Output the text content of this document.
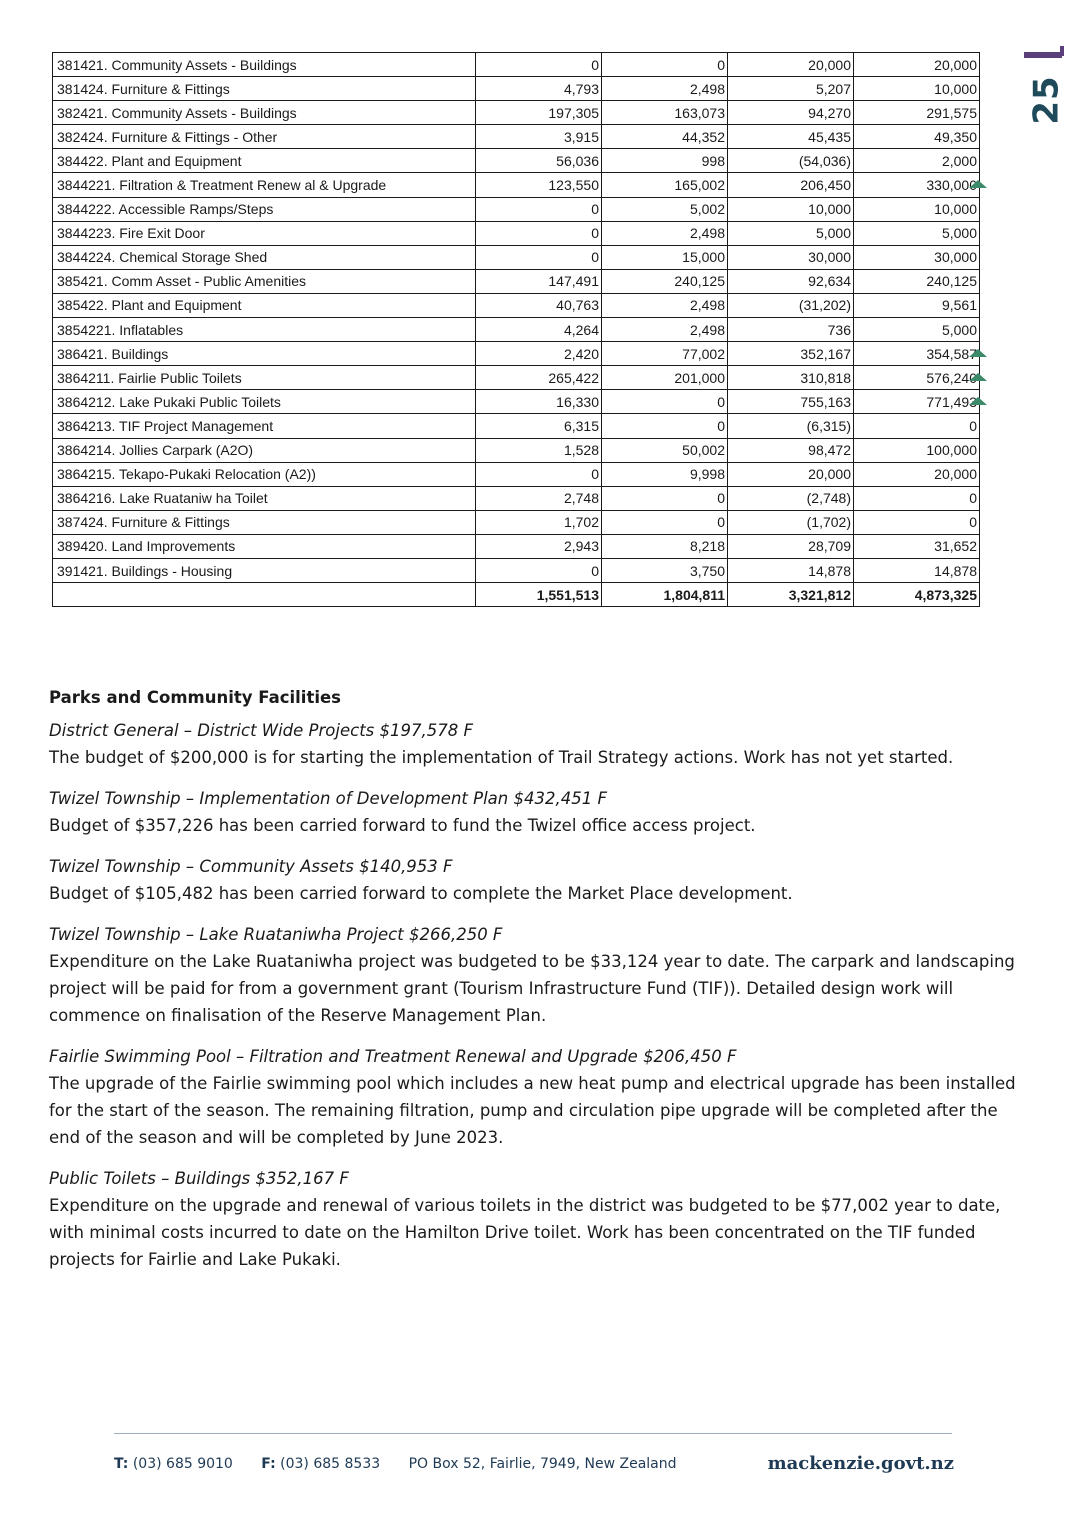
25
381421. Community Assets - Buildings	0	0	20,000	20,000
381424. Furniture & Fittings	4,793	2,498	5,207	10,000
382421. Community Assets - Buildings	197,305	163,073	94,270	291,575
382424. Furniture & Fittings - Other	3,915	44,352	45,435	49,350
384422. Plant and Equipment	56,036	998	(54,036)	2,000
3844221. Filtration & Treatment Renew al & Upgrade	123,550	165,002	206,450	330,000
3844222. Accessible Ramps/Steps	0	5,002	10,000	10,000
3844223. Fire Exit Door	0	2,498	5,000	5,000
3844224. Chemical Storage Shed	0	15,000	30,000	30,000
385421. Comm Asset - Public Amenities	147,491	240,125	92,634	240,125
385422. Plant and Equipment	40,763	2,498	(31,202)	9,561
3854221. Inflatables	4,264	2,498	736	5,000
386421. Buildings	2,420	77,002	352,167	354,587
3864211. Fairlie Public Toilets	265,422	201,000	310,818	576,240
3864212. Lake Pukaki Public Toilets	16,330	0	755,163	771,493
3864213. TIF Project Management	6,315	0	(6,315)	0
3864214. Jollies Carpark (A2O)	1,528	50,002	98,472	100,000
3864215. Tekapo-Pukaki Relocation (A2))	0	9,998	20,000	20,000
3864216. Lake Ruataniw ha Toilet	2,748	0	(2,748)	0
387424. Furniture & Fittings	1,702	0	(1,702)	0
389420. Land Improvements	2,943	8,218	28,709	31,652
391421. Buildings - Housing	0	3,750	14,878	14,878
	1,551,513	1,804,811	3,321,812	4,873,325
Parks and Community Facilities
District General – District Wide Projects $197,578 F

The budget of $200,000 is for starting the implementation of Trail Strategy actions. Work has not yet started.

Twizel Township – Implementation of Development Plan $432,451 F

Budget of $357,226 has been carried forward to fund the Twizel office access project.

Twizel Township – Community Assets $140,953 F

Budget of $105,482 has been carried forward to complete the Market Place development.

Twizel Township – Lake Ruataniwha Project $266,250 F

Expenditure on the Lake Ruataniwha project was budgeted to be $33,124 year to date. The carpark and landscaping project will be paid for from a government grant (Tourism Infrastructure Fund (TIF)). Detailed design work will commence on finalisation of the Reserve Management Plan.

Fairlie Swimming Pool – Filtration and Treatment Renewal and Upgrade $206,450 F

The upgrade of the Fairlie swimming pool which includes a new heat pump and electrical upgrade has been installed for the start of the season. The remaining filtration, pump and circulation pipe upgrade will be completed after the end of the season and will be completed by June 2023.

Public Toilets – Buildings $352,167 F

Expenditure on the upgrade and renewal of various toilets in the district was budgeted to be $77,002 year to date, with minimal costs incurred to date on the Hamilton Drive toilet. Work has been concentrated on the TIF funded projects for Fairlie and Lake Pukaki.

T: (03) 685 9010 F: (03) 685 8533 PO Box 52, Fairlie, 7949, New Zealand	mackenzie.govt.nz
